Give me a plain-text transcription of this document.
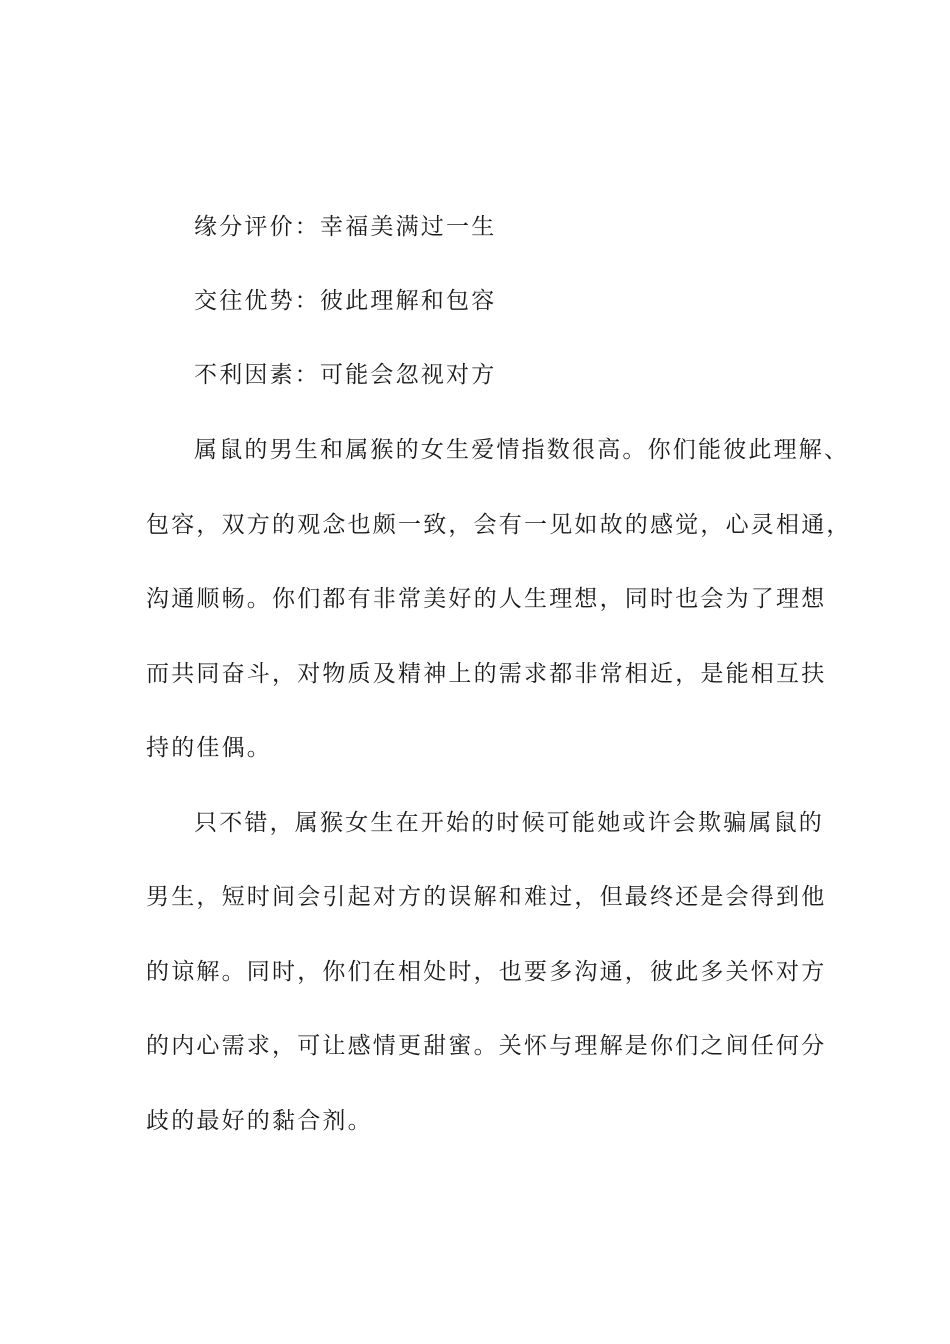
缘分评价：幸福美满过一生

交往优势：彼此理解和包容

不利因素：可能会忽视对方

属鼠的男生和属猴的女生爱情指数很高。你们能彼此理解、

包容，双方的观念也颇一致，会有一见如故的感觉，心灵相通，

沟通顺畅。你们都有非常美好的人生理想，同时也会为了理想

而共同奋斗，对物质及精神上的需求都非常相近，是能相互扶

持的佳偶。

只不错，属猴女生在开始的时候可能她或许会欺骗属鼠的

男生，短时间会引起对方的误解和难过，但最终还是会得到他

的谅解。同时，你们在相处时，也要多沟通，彼此多关怀对方

的内心需求，可让感情更甜蜜。关怀与理解是你们之间任何分

歧的最好的黏合剂。
